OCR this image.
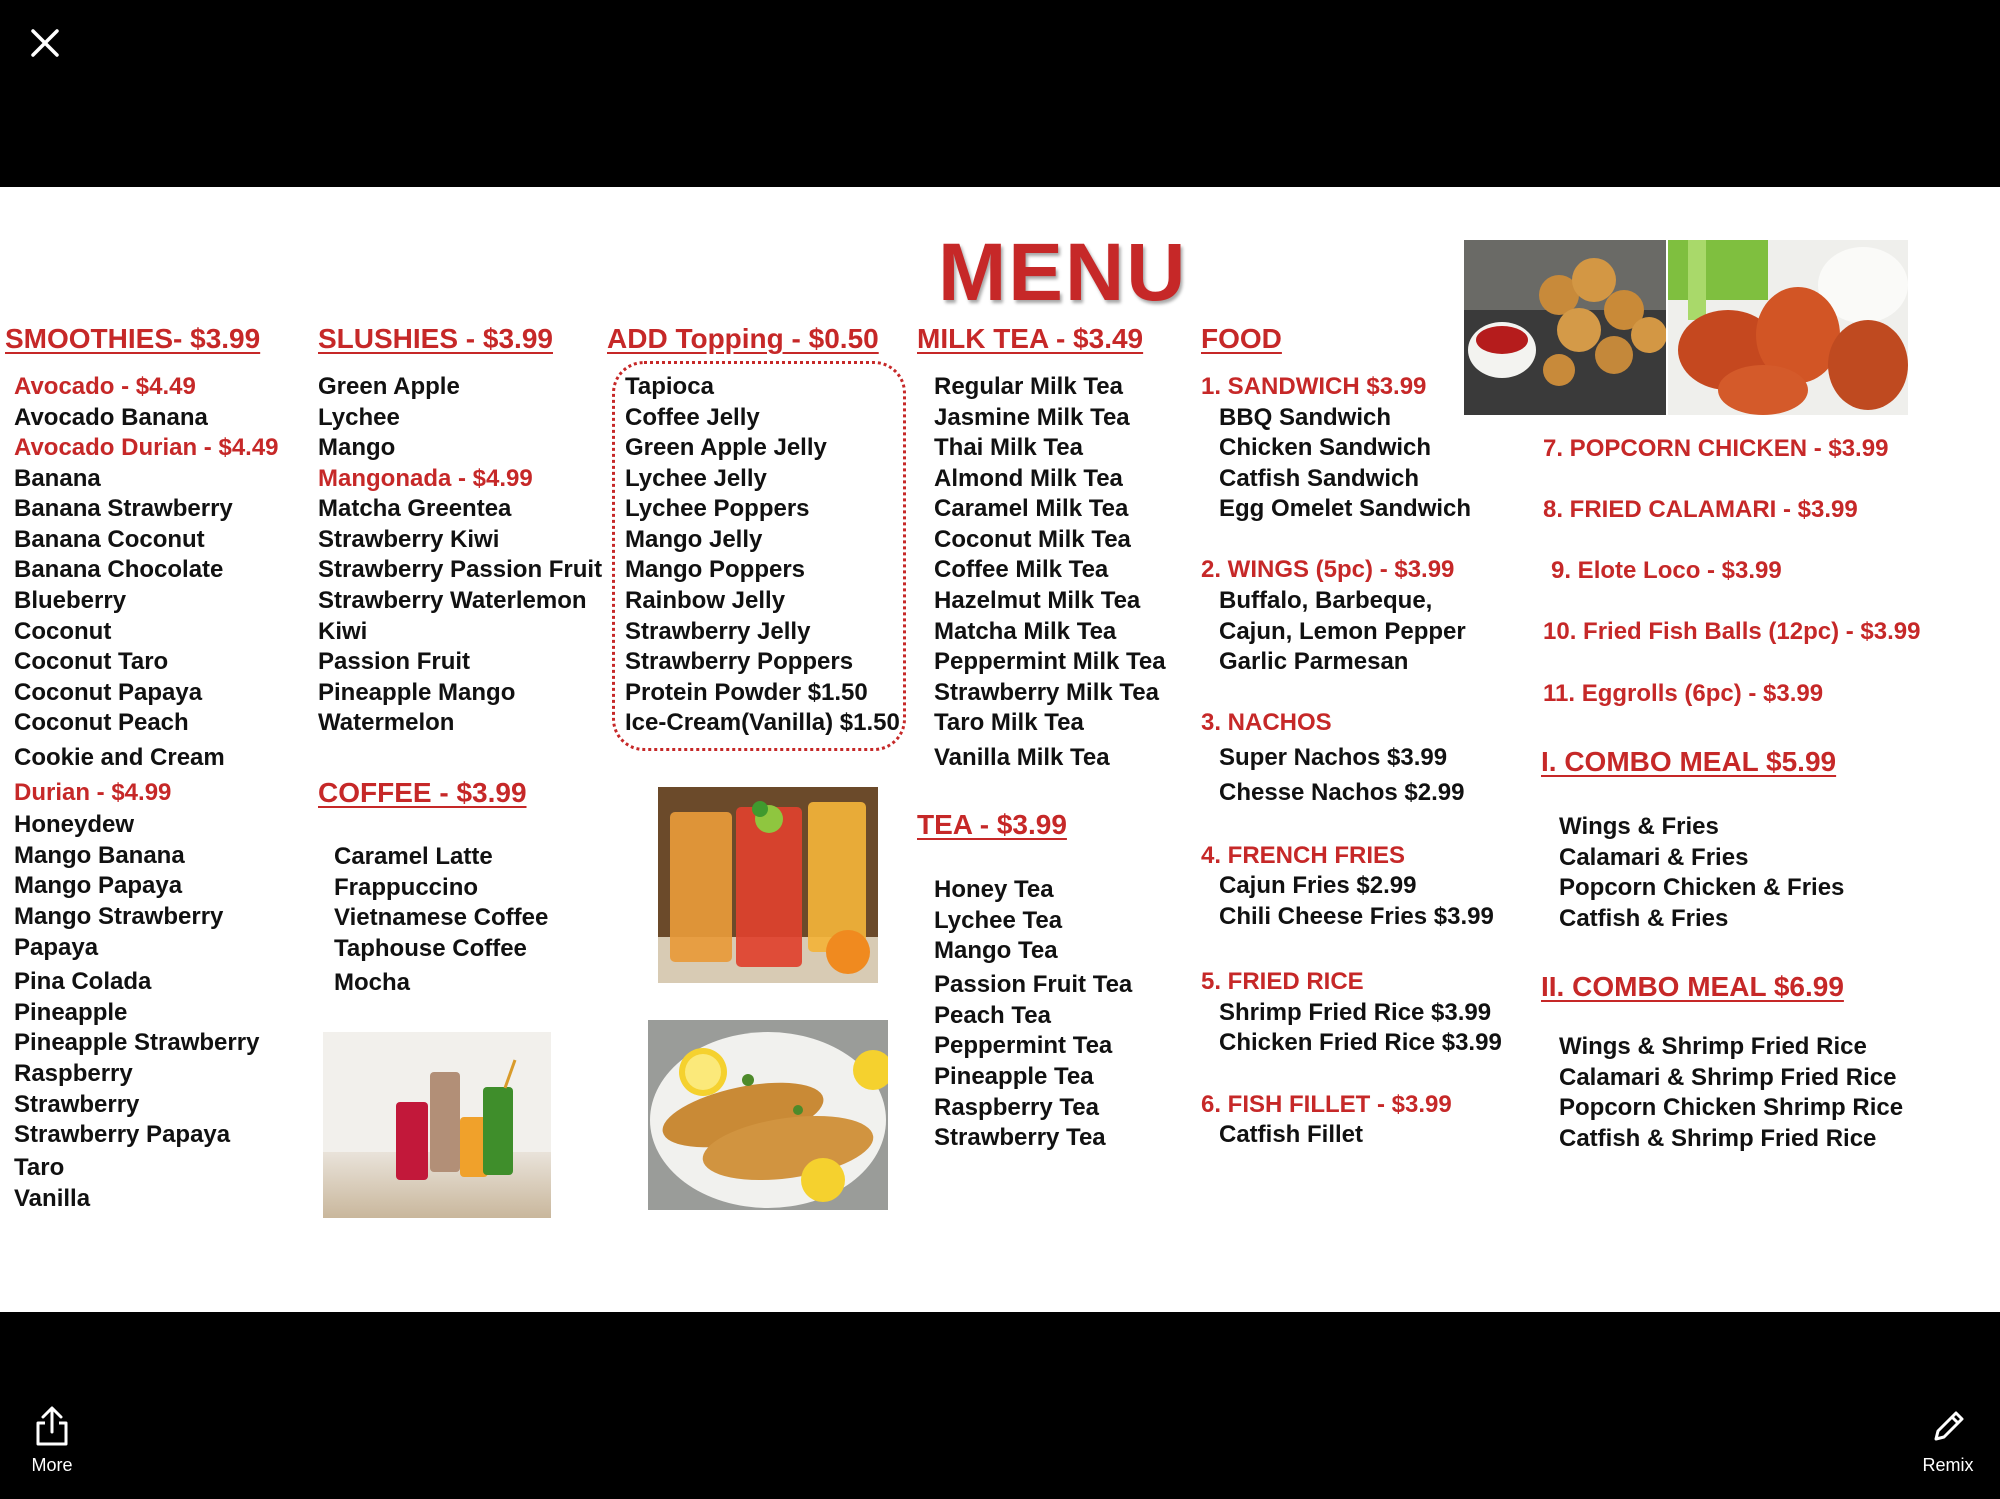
MENU
SMOOTHIES- $3.99 SLUSHIES - $3.99 ADD Topping - $0.50 MILK TEA - $3.49 FOOD
COFFEE - $3.99
TEA - $3.99
I. COMBO MEAL $5.99
II. COMBO MEAL $6.99
Avocado - $4.49
Avocado Banana
Avocado Durian - $4.49
Banana
Banana Strawberry
Banana Coconut
Banana Chocolate
Blueberry
Coconut
Coconut Taro
Coconut Papaya
Coconut Peach
Cookie and Cream
Durian - $4.99
Honeydew
Mango Banana
Mango Papaya
Mango Strawberry
Papaya
Pina Colada
Pineapple
Pineapple Strawberry
Raspberry
Strawberry
Strawberry Papaya
Taro
Vanilla
Green Apple
Lychee
Mango
Mangonada - $4.99
Matcha Greentea
Strawberry Kiwi
Strawberry Passion Fruit
Strawberry Waterlemon
Kiwi
Passion Fruit
Pineapple Mango
Watermelon
Caramel Latte
Frappuccino
Vietnamese Coffee
Taphouse Coffee
Mocha
Tapioca
Coffee Jelly
Green Apple Jelly
Lychee Jelly
Lychee Poppers
Mango Jelly
Mango Poppers
Rainbow Jelly
Strawberry Jelly
Strawberry Poppers
Protein Powder $1.50
Ice-Cream(Vanilla) $1.50
Regular Milk Tea
Jasmine Milk Tea
Thai Milk Tea
Almond Milk Tea
Caramel Milk Tea
Coconut Milk Tea
Coffee Milk Tea
Hazelmut Milk Tea
Matcha Milk Tea
Peppermint Milk Tea
Strawberry Milk Tea
Taro Milk Tea
Vanilla Milk Tea
Honey Tea
Lychee Tea
Mango Tea
Passion Fruit Tea
Peach Tea
Peppermint Tea
Pineapple Tea
Raspberry Tea
Strawberry Tea
1. SANDWICH $3.99
BBQ Sandwich
Chicken Sandwich
Catfish Sandwich
Egg Omelet Sandwich
2. WINGS (5pc) - $3.99
Buffalo, Barbeque,
Cajun, Lemon Pepper
Garlic Parmesan
3. NACHOS
Super Nachos $3.99
Chesse Nachos $2.99
4. FRENCH FRIES
Cajun Fries $2.99
Chili Cheese Fries $3.99
5. FRIED RICE
Shrimp Fried Rice $3.99
Chicken Fried Rice $3.99
6. FISH FILLET - $3.99
Catfish Fillet
7. POPCORN CHICKEN - $3.99
8. FRIED CALAMARI - $3.99
9. Elote Loco - $3.99
10. Fried Fish Balls (12pc) - $3.99
11. Eggrolls (6pc) - $3.99
Wings & Fries
Calamari & Fries
Popcorn Chicken & Fries
Catfish & Fries
Wings & Shrimp Fried Rice
Calamari & Shrimp Fried Rice
Popcorn Chicken Shrimp Rice
Catfish & Shrimp Fried Rice
More	Remix
